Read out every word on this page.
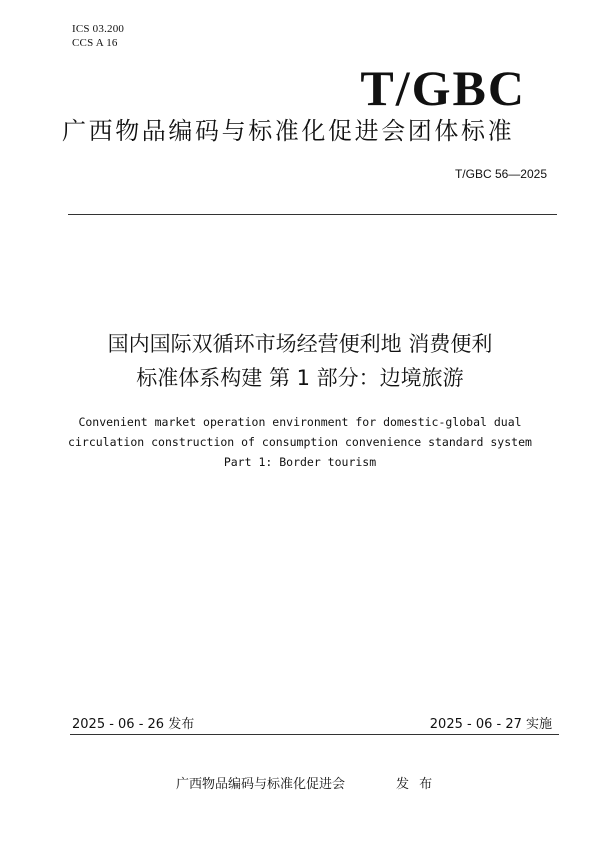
ICS 03.200
CCS A 16
T/GBC
广西物品编码与标准化促进会团体标准
T/GBC 56—2025
国内国际双循环市场经营便利地 消费便利
标准体系构建 第 1 部分：边境旅游
Convenient market operation environment for domestic-global dual
circulation construction of consumption convenience standard system
Part 1: Border tourism
2025 - 06 - 26 发布	2025 - 06 - 27 实施
广西物品编码与标准化促进会	发 布
